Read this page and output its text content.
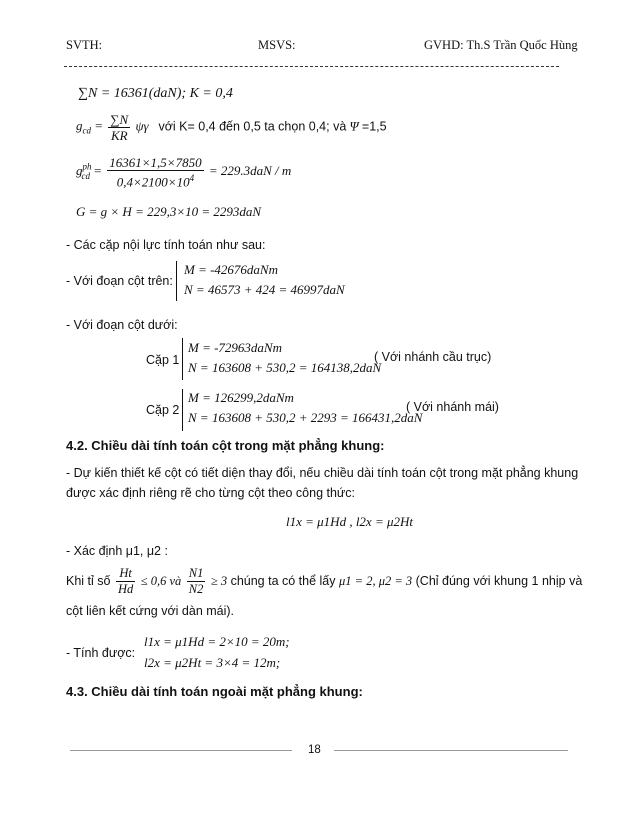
SVTH:	MSVS:	GVHD: Th.S Trần Quốc Hùng
∑N = 16361(daN); K = 0,4
$g_{cd} = \frac{\sum N}{KR}$ ψγ với K= 0,4 đến 0,5 ta chọn 0,4; và Ψ =1,5
$g^{ph}_{cd} = \frac{16361\times 1,5\times 7850}{0,4\times 2100\times 10^4} = 229.3daN / m$
G = g × H = 229,3×10 = 2293daN
- Các cặp nội lực tính toán như sau:
- Với đoạn cột trên:
M = -42676daNm
N = 46573 + 424 = 46997daN
- Với đoạn cột dưới:
Cặp 1
M = -72963daNm
N = 163608 + 530,2 = 164138,2daN
( Với nhánh cầu trục)
Cặp 2
M = 126299,2daNm
N = 163608 + 530,2 + 2293 = 166431,2daN
( Với nhánh mái)
4.2. Chiều dài tính toán cột trong mặt phẳng khung:
- Dự kiến thiết kế cột có tiết diện thay đổi, nếu chiều dài tính toán cột trong mặt phẳng khung
được xác định riêng rẽ cho từng cột theo công thức:
l1x = μ1Hd , l2x = μ2Ht
- Xác định μ1, μ2 :
Khi tỉ số $\frac{Ht}{Hd} \le 0,6$ và $\frac{N1}{N2} \ge 3$ chúng ta có thể lấy μ1 = 2, μ2 = 3 (Chỉ đúng với khung 1 nhịp và
cột liên kết cứng với dàn mái).
- Tính được:
l1x = μ1Hd = 2×10 = 20m;
l2x = μ2Ht = 3×4 = 12m;
4.3. Chiều dài tính toán ngoài mặt phẳng khung:
18
